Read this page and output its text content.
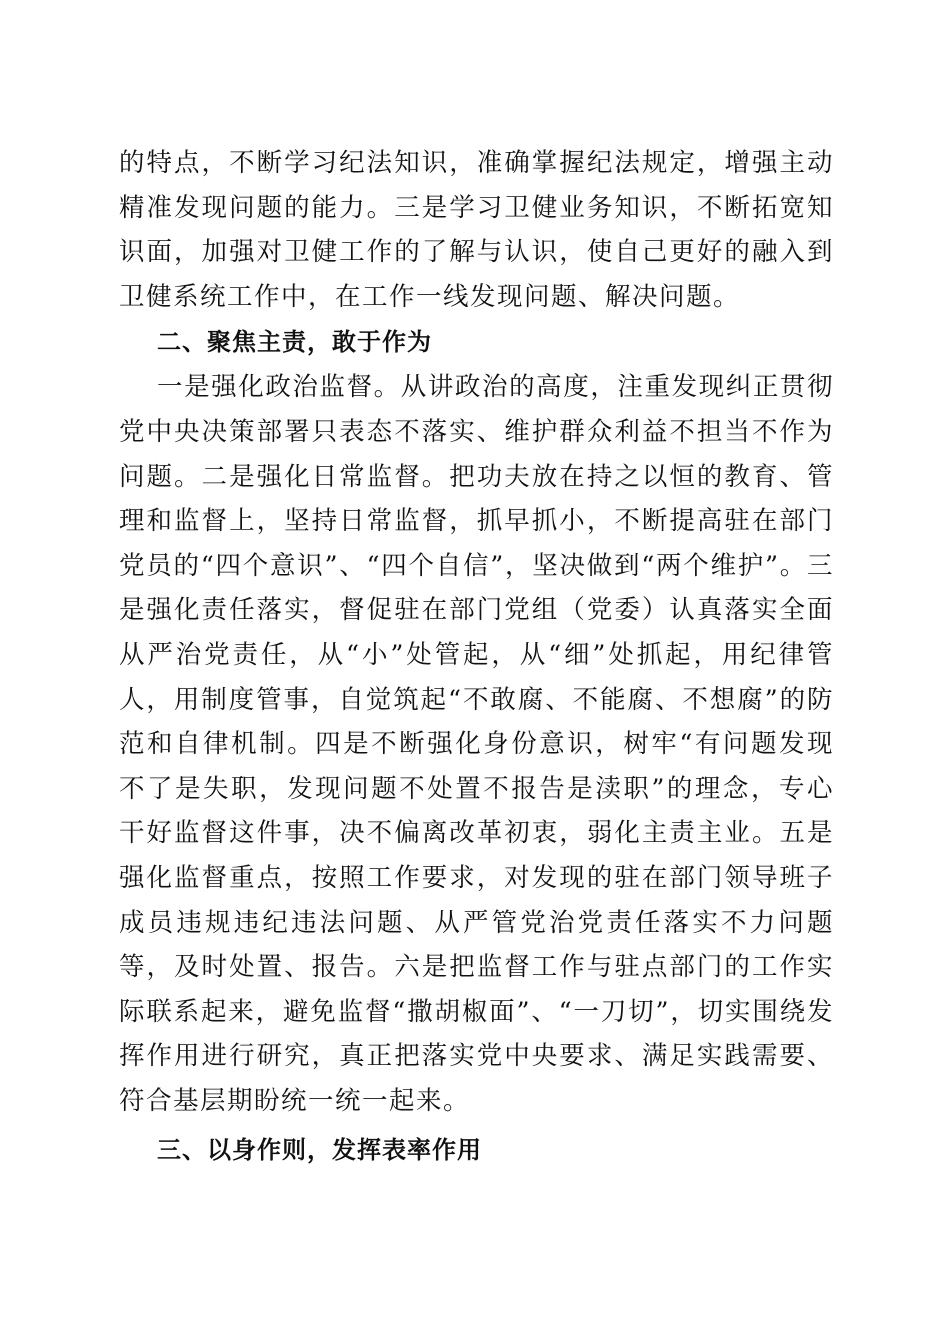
的特点，不断学习纪法知识，准确掌握纪法规定，增强主动精准发现问题的能力。三是学习卫健业务知识，不断拓宽知识面，加强对卫健工作的了解与认识，使自己更好的融入到卫健系统工作中，在工作一线发现问题、解决问题。

二、聚焦主责，敢于作为

一是强化政治监督。从讲政治的高度，注重发现纠正贯彻党中央决策部署只表态不落实、维护群众利益不担当不作为问题。二是强化日常监督。把功夫放在持之以恒的教育、管理和监督上，坚持日常监督，抓早抓小，不断提高驻在部门党员的“四个意识”、“四个自信”，坚决做到“两个维护”。三是强化责任落实，督促驻在部门党组（党委）认真落实全面从严治党责任，从“小”处管起，从“细”处抓起，用纪律管人，用制度管事，自觉筑起“不敢腐、不能腐、不想腐”的防范和自律机制。四是不断强化身份意识，树牢“有问题发现不了是失职，发现问题不处置不报告是渎职”的理念，专心干好监督这件事，决不偏离改革初衷，弱化主责主业。五是强化监督重点，按照工作要求，对发现的驻在部门领导班子成员违规违纪违法问题、从严管党治党责任落实不力问题等，及时处置、报告。六是把监督工作与驻点部门的工作实际联系起来，避免监督“撒胡椒面”、“一刀切”，切实围绕发挥作用进行研究，真正把落实党中央要求、满足实践需要、符合基层期盼统一统一起来。

三、以身作则，发挥表率作用
